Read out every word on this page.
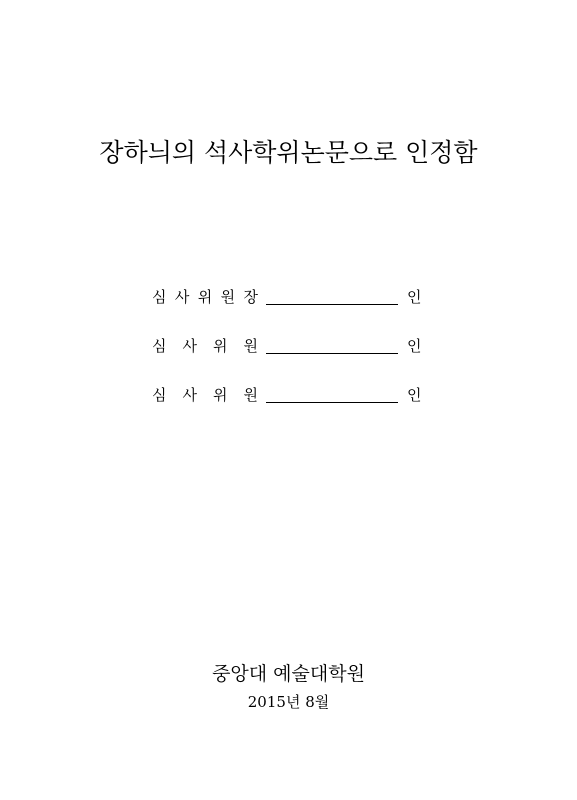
장하늬의 석사학위논문으로 인정함
심 사 위 원 장	인
심 사 위 원	인
심 사 위 원	인
중앙대 예술대학원
2015년 8월
